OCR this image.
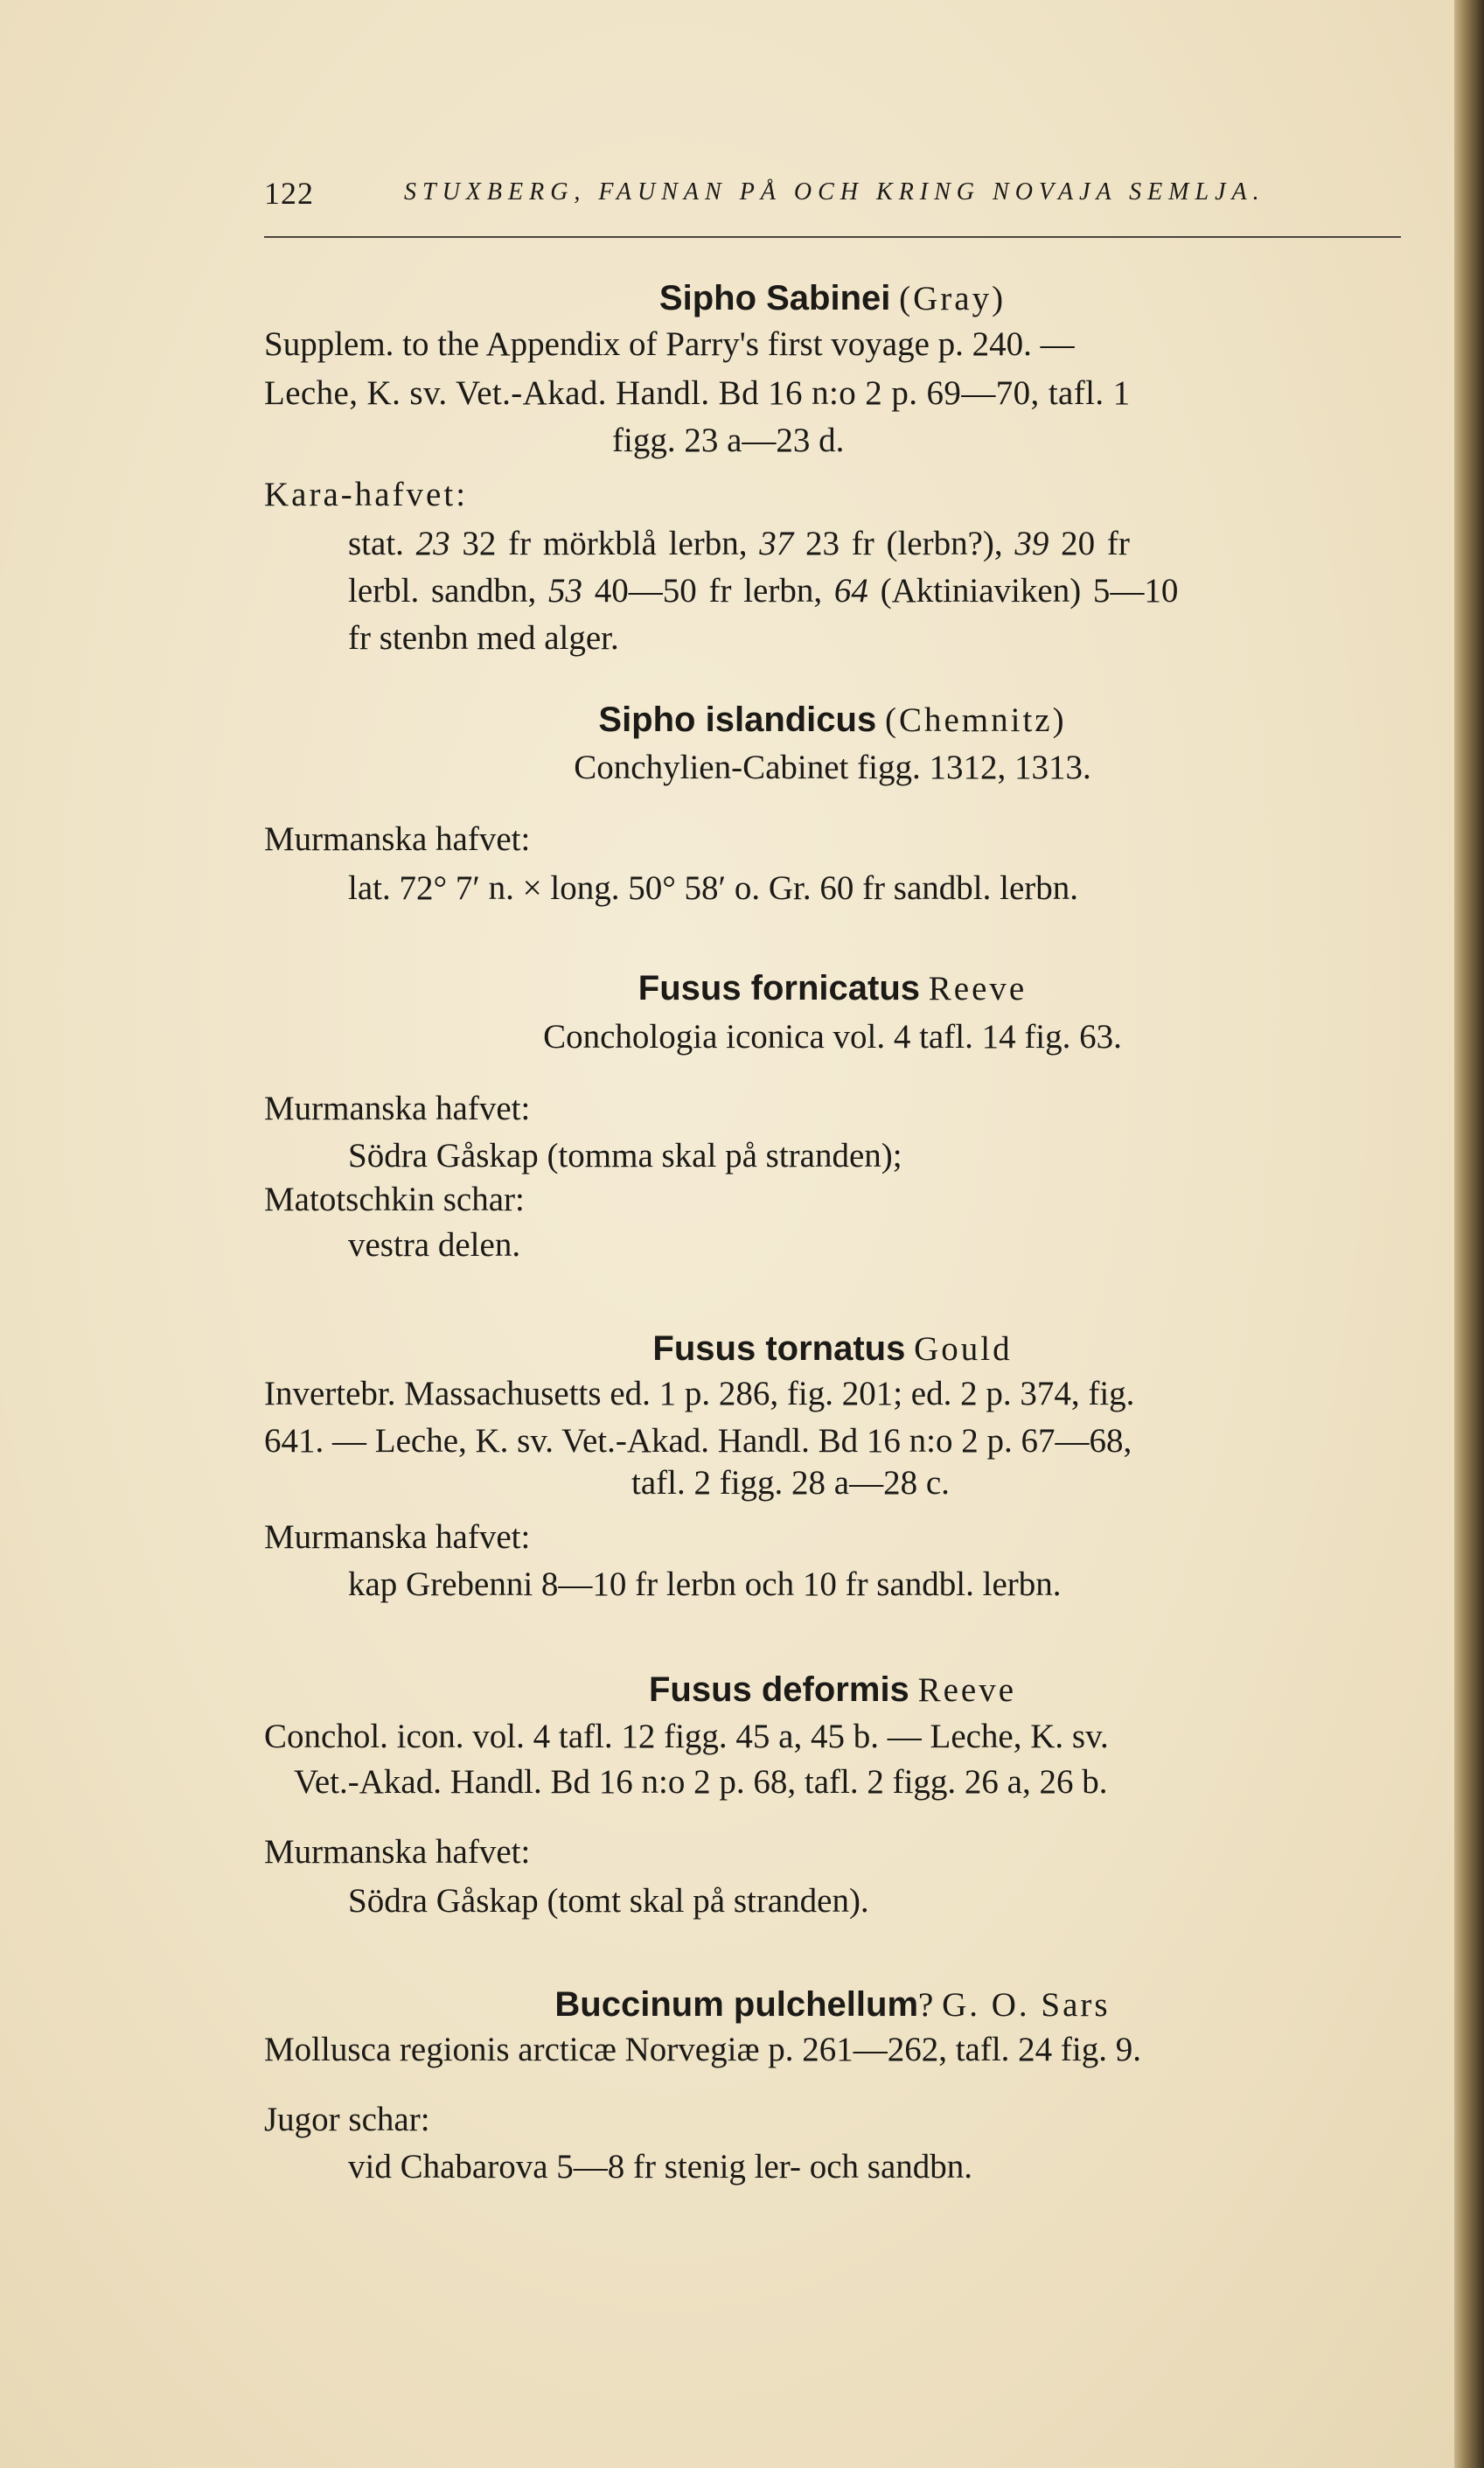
122	STUXBERG, FAUNAN PÅ OCH KRING NOVAJA SEMLJA.
Sipho Sabinei (Gray)
Supplem. to the Appendix of Parry's first voyage p. 240. —
Leche, K. sv. Vet.-Akad. Handl. Bd 16 n:o 2 p. 69—70, tafl. 1
figg. 23 a—23 d.
Kara-hafvet:
stat. 23 32 fr mörkblå lerbn, 37 23 fr (lerbn?), 39 20 fr
lerbl. sandbn, 53 40—50 fr lerbn, 64 (Aktiniaviken) 5—10
fr stenbn med alger.
Sipho islandicus (Chemnitz)
Conchylien-Cabinet figg. 1312, 1313.
Murmanska hafvet:
lat. 72° 7′ n. × long. 50° 58′ o. Gr. 60 fr sandbl. lerbn.
Fusus fornicatus Reeve
Conchologia iconica vol. 4 tafl. 14 fig. 63.
Murmanska hafvet:
Södra Gåskap (tomma skal på stranden);
Matotschkin schar:
vestra delen.
Fusus tornatus Gould
Invertebr. Massachusetts ed. 1 p. 286, fig. 201; ed. 2 p. 374, fig.
641. — Leche, K. sv. Vet.-Akad. Handl. Bd 16 n:o 2 p. 67—68,
tafl. 2 figg. 28 a—28 c.
Murmanska hafvet:
kap Grebenni 8—10 fr lerbn och 10 fr sandbl. lerbn.
Fusus deformis Reeve
Conchol. icon. vol. 4 tafl. 12 figg. 45 a, 45 b. — Leche, K. sv.
Vet.-Akad. Handl. Bd 16 n:o 2 p. 68, tafl. 2 figg. 26 a, 26 b.
Murmanska hafvet:
Södra Gåskap (tomt skal på stranden).
Buccinum pulchellum? G. O. Sars
Mollusca regionis arcticæ Norvegiæ p. 261—262, tafl. 24 fig. 9.
Jugor schar:
vid Chabarova 5—8 fr stenig ler- och sandbn.
